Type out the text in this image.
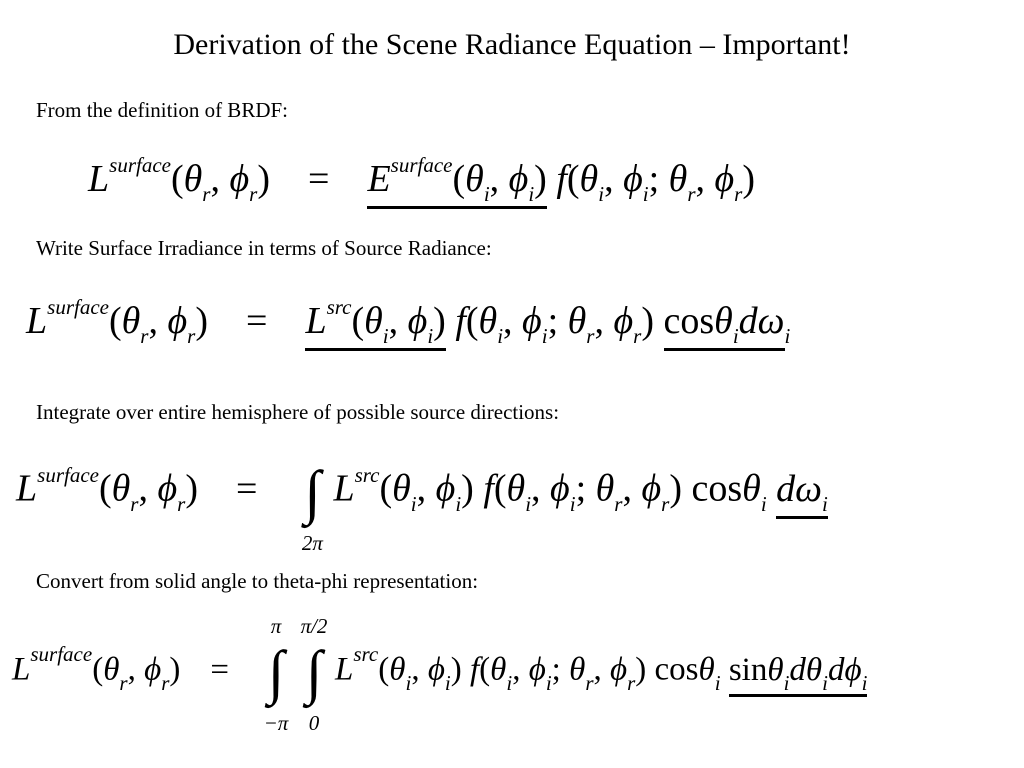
Derivation of the Scene Radiance Equation – Important!
From the definition of BRDF:
$L^{surface}(\theta_r$, $\phi_r) = E^{surface}(\theta_i$, $\phi_i$) $f(\theta_i$, $\phi_i$; $\theta_r$, $\phi_r$)
Write Surface Irradiance in terms of Source Radiance:
$L^{surface}(\theta_r$, $\phi_r) = L^{src}(\theta_i$, $\phi_i$) $f(\theta_i$, $\phi_i$; $\theta_r$, $\phi_r$) $\cos\theta_id\omega_i$
Integrate over entire hemisphere of possible source directions:
$L^{surface}(\theta_r$, $\phi_r$) = ∫
2π
$L^{src}(\theta_i$, $\phi_i$) $f(\theta_i$, $\phi_i$; $\theta_r$, $\phi_r$) cosθ$_i$ $d\omega_i$
Convert from solid angle to theta-phi representation:
$L^{surface}(\theta_r$, $\phi_r$) =
π
∫
−π
π/2
∫
0
$L^{src}(\theta_i$, $\phi_i$) $f(\theta_i$, $\phi_i$; $\theta_r$, $\phi_r$) cosθ$_i$ $\sin\theta_id\theta_id\phi_i$
